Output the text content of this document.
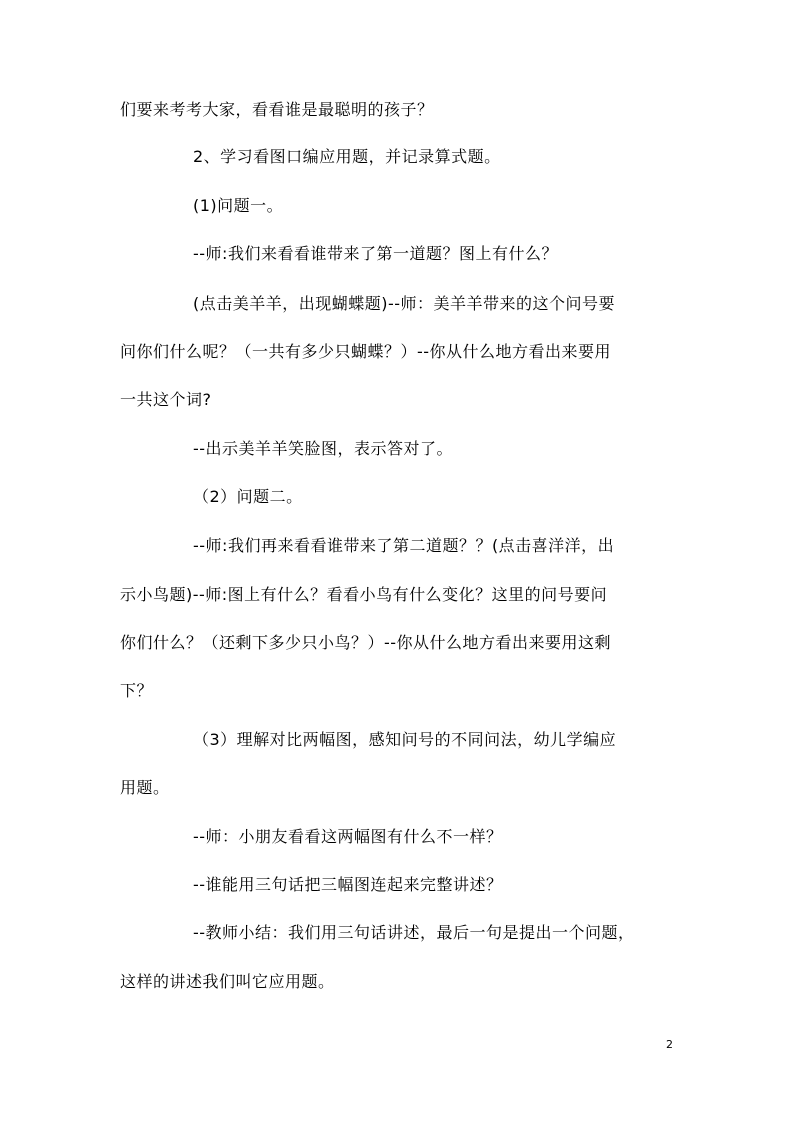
们要来考考大家，看看谁是最聪明的孩子？
2、学习看图口编应用题，并记录算式题。
(1)问题一。
--师:我们来看看谁带来了第一道题？图上有什么？
(点击美羊羊，出现蝴蝶题)--师：美羊羊带来的这个问号要
问你们什么呢？（一共有多少只蝴蝶？）--你从什么地方看出来要用
一共这个词?
--出示美羊羊笑脸图，表示答对了。
（2）问题二。
--师:我们再来看看谁带来了第二道题？？(点击喜洋洋，出
示小鸟题)--师:图上有什么？看看小鸟有什么变化？这里的问号要问
你们什么？（还剩下多少只小鸟？）--你从什么地方看出来要用这剩
下？
（3）理解对比两幅图，感知问号的不同问法，幼儿学编应
用题。
--师：小朋友看看这两幅图有什么不一样？
--谁能用三句话把三幅图连起来完整讲述？
--教师小结：我们用三句话讲述，最后一句是提出一个问题，
这样的讲述我们叫它应用题。
2
